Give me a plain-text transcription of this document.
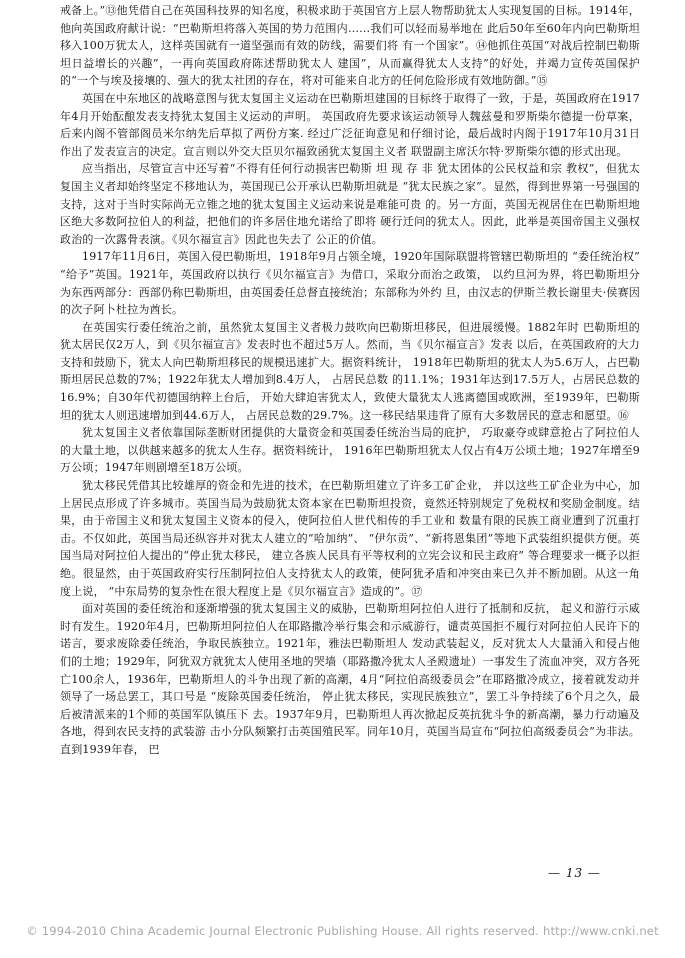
戒备上。”⑬他凭借自己在英国科技界的知名度，积极求助于英国官方上层人物帮助犹太人实现复国的目标。1914年，他向英国政府献计说：“巴勒斯坦将落入英国的势力范围内……我们可以轻而易举地在 此后50年至60年内向巴勒斯坦移入100万犹太人，这样英国就有一道坚强而有效的防线，需要们将 有一个国家”。⑭他抓住英国“对战后控制巴勒斯坦日益增长的兴趣”，一再向英国政府陈述帮助犹太人 建国”，从而赢得犹太人支持”的好处，并竭力宣传英国保护的“一个与埃及接壤的、强大的犹太社团的存在，将对可能来自北方的任何危险形成有效地防御。”⑮

英国在中东地区的战略意图与犹太复国主义运动在巴勒斯坦建国的目标终于取得了一致，于是，英国政府在1917年4月开始酝酿发表支持犹太复国主义运动的声明。 英国政府先要求该运动领导人魏兹曼和罗斯柴尔德提一份草案，后来内阁不管部阁员米尔纳先后草拟了两份方案. 经过广泛征询意见和仔细讨论，最后战时内阁于1917年10月31日作出了发表宣言的决定。宣言则以外交大臣贝尔福致函犹太复国主义者 联盟副主席沃尔特·罗斯柴尔德的形式出现。

应当指出，尽管宣言中还写着“不得有任何行动损害巴勒斯 坦 现 存 非 犹太团体的公民权益和宗 教权”，但犹太复国主义者却始终坚定不移地认为，英国现已公开承认巴勒斯坦就是 “犹太民族之家”。显然，得到世界第一号强国的支持，这对于当时实际尚无立锥之地的犹太复国主义运动来说是难能可贵 的。另一方面，英国无视居住在巴勒斯坦地区绝大多数阿拉伯人的利益，把他们的许多居住地允诺给了即将 硬行迁问的犹太人。因此，此举是英国帝国主义强权政治的一次露骨表演。《贝尔福宣言》因此也失去了 公正的价值。

1917年11月6日，英国入侵巴勒斯坦，1918年9月占领全境，1920年国际联盟将管辖巴勒斯坦的 “委任统治权” “给予”英国。1921年，英国政府以执行《贝尔福宣言》为借口，采取分而治之政策， 以约旦河为界，将巴勒斯坦分为东西两部分：西部仍称巴勒斯坦，由英国委任总督直接统治；东部称为外约 旦，由汉志的伊斯兰教长谢里夫·侯赛因的次子阿卜杜拉为酋长。

在英国实行委任统治之前，虽然犹太复国主义者极力鼓吹向巴勒斯坦移民，但进展缓慢。1882年时 巴勒斯坦的犹太居民仅2万人，到《贝尔福宣言》发表时也不超过5万人。然而，当《贝尔福宣言》发表 以后，在英国政府的大力支持和鼓励下，犹太人向巴勒斯坦移民的规模迅速扩大。据资料统计， 1918年巴勒斯坦的犹太人为5.6万人，占巴勒斯坦居民总数的7%；1922年犹太人增加到8.4万人， 占居民总数 的11.1%；1931年达到17.5万人，占居民总数的16.9%；自30年代初德国纳粹上台后， 开始大肆迫害犹太人，致使大量犹太人逃离德国或欧洲，至1939年，巴勒斯坦的犹太人则迅速增加到44.6万人， 占居民总数的29.7%。这一移民结果违背了原有大多数居民的意志和愿望。⑯

犹太复国主义者依靠国际垄断财团提供的大量资金和英国委任统治当局的庇护， 巧取豪夺或肆意抢占了阿拉伯人的大量土地，以供越来越多的犹太人生存。据资料统计， 1916年巴勒斯坦犹太人仅占有4万公顷土地；1927年增至9万公顷；1947年则剧增至18万公顷。

犹太移民凭借其比较雄厚的资金和先进的技术，在巴勒斯坦建立了许多工矿企业， 并以这些工矿企业为中心，加上居民点形成了许多城市。英国当局为鼓励犹太资本家在巴勒斯坦投资，竟然还特别规定了免税权和奖励金制度。结果，由于帝国主义和犹太复国主义资本的侵入，使阿拉伯人世代相传的手工业和 数量有限的民族工商业遭到了沉重打击。不仅如此，英国当局还纵容并对犹太人建立的“哈加纳”、 “伊尔贡”、“新将恩集团”等地下武装组织提供方便。英国当局对阿拉伯人提出的“停止犹太移民， 建立各族人民具有平等权利的立宪会议和民主政府” 等合理要求一概予以拒绝。很显然，由于英国政府实行压制阿拉伯人支持犹太人的政策，使阿犹矛盾和冲突由来已久并不断加剧。从这一角度上说， “中东局势的复杂性在很大程度上是《贝尔福宣言》造成的”。⑰

面对英国的委任统治和逐渐增强的犹太复国主义的威胁，巴勒斯坦阿拉伯人进行了抵制和反抗， 起义和游行示威时有发生。1920年4月，巴勒斯坦阿拉伯人在耶路撒冷举行集会和示威游行，谴责英国拒不履行对阿拉伯人民许下的诺言，要求废除委任统治，争取民族独立。1921年，雅法巴勒斯坦人 发动武装起义，反对犹太人大量涌入和侵占他们的土地；1929年，阿犹双方就犹太人使用圣地的哭墙（耶路撒冷犹太人圣殿遗址）一事发生了流血冲突，双方各死亡100余人，1936年，巴勒斯坦人的斗争出现了新的高潮，4月“阿拉伯高级委员会”在耶路撒冷成立，接着就发动并领导了一场总罢工，其口号是 “废除英国委任统治， 停止犹太移民，实现民族独立”，罢工斗争持续了6个月之久，最后被清派来的1个师的英国军队镇压下 去。1937年9月，巴勒斯坦人再次掀起反英抗犹斗争的新高潮，暴力行动遍及各地，得到农民支持的武装游 击小分队频繁打击英国殖民军。同年10月，英国当局宣布“阿拉伯高级委员会”为非法。直到1939年春， 巴

— 13 —
© 1994-2010 China Academic Journal Electronic Publishing House. All rights reserved. http://www.cnki.net
